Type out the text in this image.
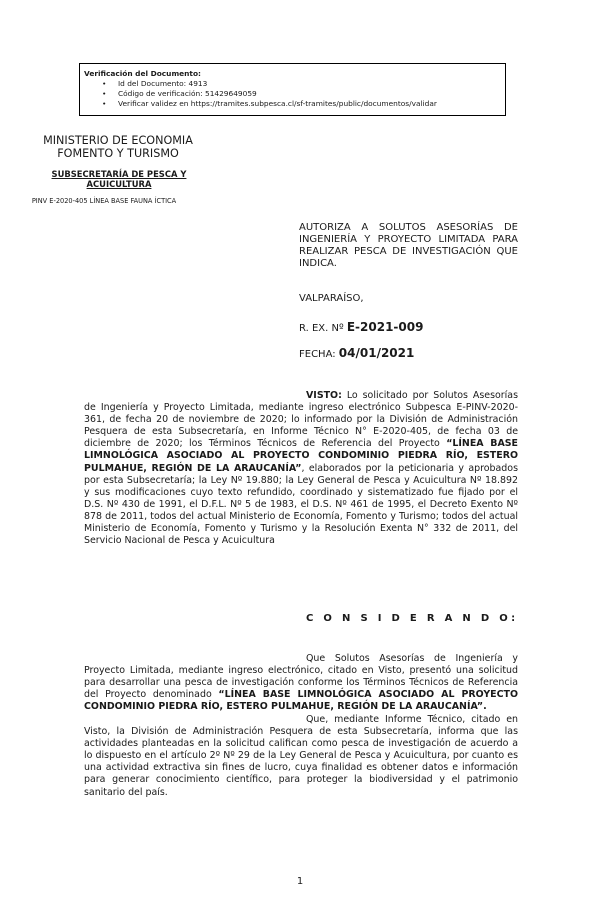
Verificación del Documento:
• Id del Documento: 4913
• Código de verificación: 51429649059
• Verificar validez en https://tramites.subpesca.cl/sf-tramites/public/documentos/validar
MINISTERIO DE ECONOMIA
FOMENTO Y TURISMO
SUBSECRETARÍA DE PESCA Y ACUICULTURA
PINV E-2020-405 LÍNEA BASE FAUNA ÍCTICA
AUTORIZA A SOLUTOS ASESORÍAS DE INGENIERÍA Y PROYECTO LIMITADA PARA REALIZAR PESCA DE INVESTIGACIÓN QUE INDICA.
VALPARAÍSO,
R. EX. Nº E-2021-009
FECHA: 04/01/2021
VISTO: Lo solicitado por Solutos Asesorías de Ingeniería y Proyecto Limitada, mediante ingreso electrónico Subpesca E-PINV-2020-361, de fecha 20 de noviembre de 2020; lo informado por la División de Administración Pesquera de esta Subsecretaría, en Informe Técnico N° E-2020-405, de fecha 03 de diciembre de 2020; los Términos Técnicos de Referencia del Proyecto “LÍNEA BASE LIMNOLÓGICA ASOCIADO AL PROYECTO CONDOMINIO PIEDRA RÍO, ESTERO PULMAHUE, REGIÓN DE LA ARAUCANÍA”, elaborados por la peticionaria y aprobados por esta Subsecretaría; la Ley Nº 19.880; la Ley General de Pesca y Acuicultura Nº 18.892 y sus modificaciones cuyo texto refundido, coordinado y sistematizado fue fijado por el D.S. Nº 430 de 1991, el D.F.L. Nº 5 de 1983, el D.S. Nº 461 de 1995, el Decreto Exento Nº 878 de 2011, todos del actual Ministerio de Economía, Fomento y Turismo; todos del actual Ministerio de Economía, Fomento y Turismo y la Resolución Exenta N° 332 de 2011, del Servicio Nacional de Pesca y Acuicultura
C O N S I D E R A N D O:
Que Solutos Asesorías de Ingeniería y Proyecto Limitada, mediante ingreso electrónico, citado en Visto, presentó una solicitud para desarrollar una pesca de investigación conforme los Términos Técnicos de Referencia del Proyecto denominado “LÍNEA BASE LIMNOLÓGICA ASOCIADO AL PROYECTO CONDOMINIO PIEDRA RÍO, ESTERO PULMAHUE, REGIÓN DE LA ARAUCANÍA”.
Que, mediante Informe Técnico, citado en Visto, la División de Administración Pesquera de esta Subsecretaría, informa que las actividades planteadas en la solicitud califican como pesca de investigación de acuerdo a lo dispuesto en el artículo 2º Nº 29 de la Ley General de Pesca y Acuicultura, por cuanto es una actividad extractiva sin fines de lucro, cuya finalidad es obtener datos e información para generar conocimiento científico, para proteger la biodiversidad y el patrimonio sanitario del país.
1
